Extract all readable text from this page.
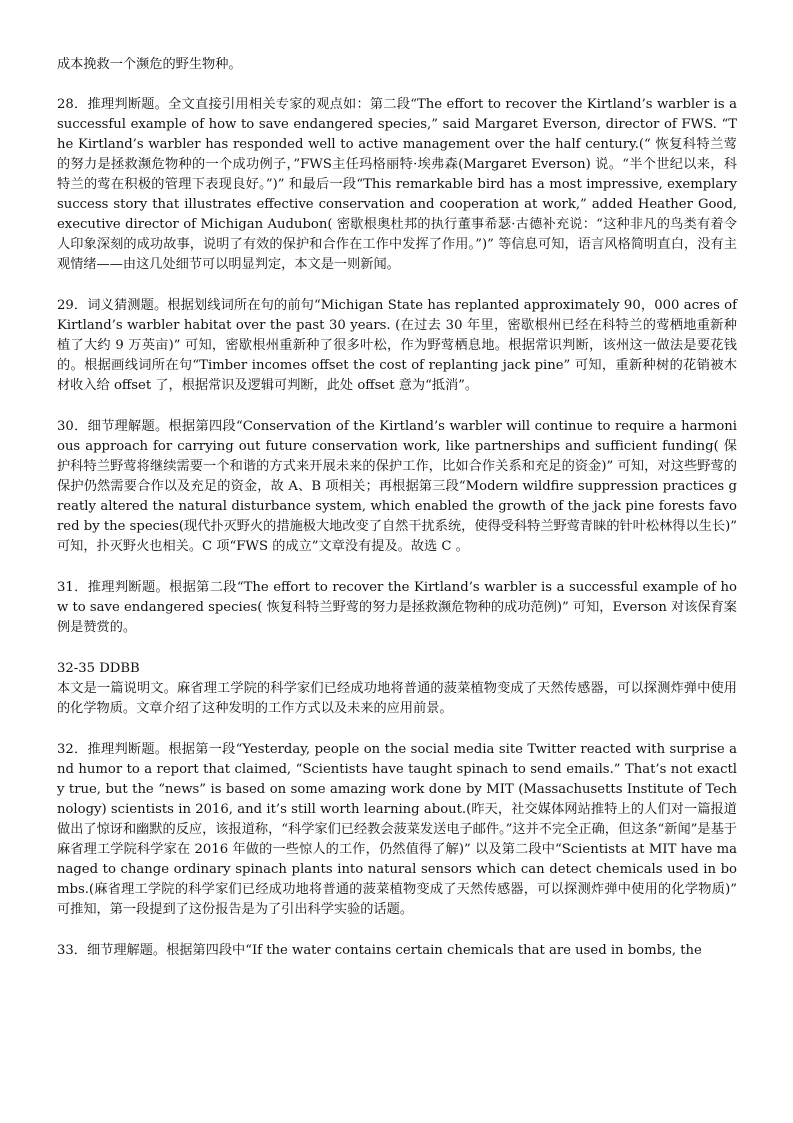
成本挽救一个濒危的野生物种。

28．推理判断题。全文直接引用相关专家的观点如：第二段“The effort to recover the Kirtland’s warbler is a successful example of how to save endangered species,” said Margaret Everson, director of FWS. “The Kirtland’s warbler has responded well to active management over the half century.(“ 恢复科特兰莺的努力是拯救濒危物种的一个成功例子，”FWS主任玛格丽特·埃弗森(Margaret Everson) 说。“半个世纪以来，科特兰的莺在积极的管理下表现良好。”)” 和最后一段“This remarkable bird has a most impressive, exemplary success story that illustrates effective conservation and cooperation at work,” added Heather Good, executive director of Michigan Audubon( 密歇根奥杜邦的执行董事希瑟·古德补充说：“这种非凡的鸟类有着令人印象深刻的成功故事，说明了有效的保护和合作在工作中发挥了作用。”)” 等信息可知，语言风格简明直白，没有主观情绪——由这几处细节可以明显判定，本文是一则新闻。

29．词义猜测题。根据划线词所在句的前句“Michigan State has replanted approximately 90，000 acres of Kirtland’s warbler habitat over the past 30 years. (在过去 30 年里，密歇根州已经在科特兰的莺栖地重新种植了大约 9 万英亩)” 可知，密歇根州重新种了很多叶松，作为野莺栖息地。根据常识判断，该州这一做法是要花钱的。根据画线词所在句“Timber incomes offset the cost of replanting jack pine” 可知，重新种树的花销被木材收入给 offset 了，根据常识及逻辑可判断，此处 offset 意为“抵消”。

30．细节理解题。根据第四段“Conservation of the Kirtland’s warbler will continue to require a harmonious approach for carrying out future conservation work, like partnerships and sufficient funding( 保护科特兰野莺将继续需要一个和谐的方式来开展未来的保护工作，比如合作关系和充足的资金)” 可知，对这些野莺的保护仍然需要合作以及充足的资金，故 A、B 项相关；再根据第三段“Modern wildfire suppression practices greatly altered the natural disturbance system, which enabled the growth of the jack pine forests favored by the species(现代扑灭野火的措施极大地改变了自然干扰系统，使得受科特兰野莺青睐的针叶松林得以生长)” 可知，扑灭野火也相关。C 项“FWS 的成立”文章没有提及。故选 C 。

31．推理判断题。根据第二段“The effort to recover the Kirtland’s warbler is a successful example of how to save endangered species( 恢复科特兰野莺的努力是拯救濒危物种的成功范例)” 可知，Everson 对该保育案例是赞赏的。

32-35 DDBB

本文是一篇说明文。麻省理工学院的科学家们已经成功地将普通的菠菜植物变成了天然传感器，可以探测炸弹中使用的化学物质。文章介绍了这种发明的工作方式以及未来的应用前景。

32．推理判断题。根据第一段“Yesterday, people on the social media site Twitter reacted with surprise and humor to a report that claimed, “Scientists have taught spinach to send emails.” That’s not exactly true, but the “news” is based on some amazing work done by MIT (Massachusetts Institute of Technology) scientists in 2016, and it’s still worth learning about.(昨天，社交媒体网站推特上的人们对一篇报道做出了惊讶和幽默的反应，该报道称，“科学家们已经教会菠菜发送电子邮件。”这并不完全正确，但这条“新闻”是基于麻省理工学院科学家在 2016 年做的一些惊人的工作，仍然值得了解)” 以及第二段中“Scientists at MIT have managed to change ordinary spinach plants into natural sensors which can detect chemicals used in bombs.(麻省理工学院的科学家们已经成功地将普通的菠菜植物变成了天然传感器，可以探测炸弹中使用的化学物质)” 可推知，第一段提到了这份报告是为了引出科学实验的话题。

33．细节理解题。根据第四段中“If the water contains certain chemicals that are used in bombs, the
